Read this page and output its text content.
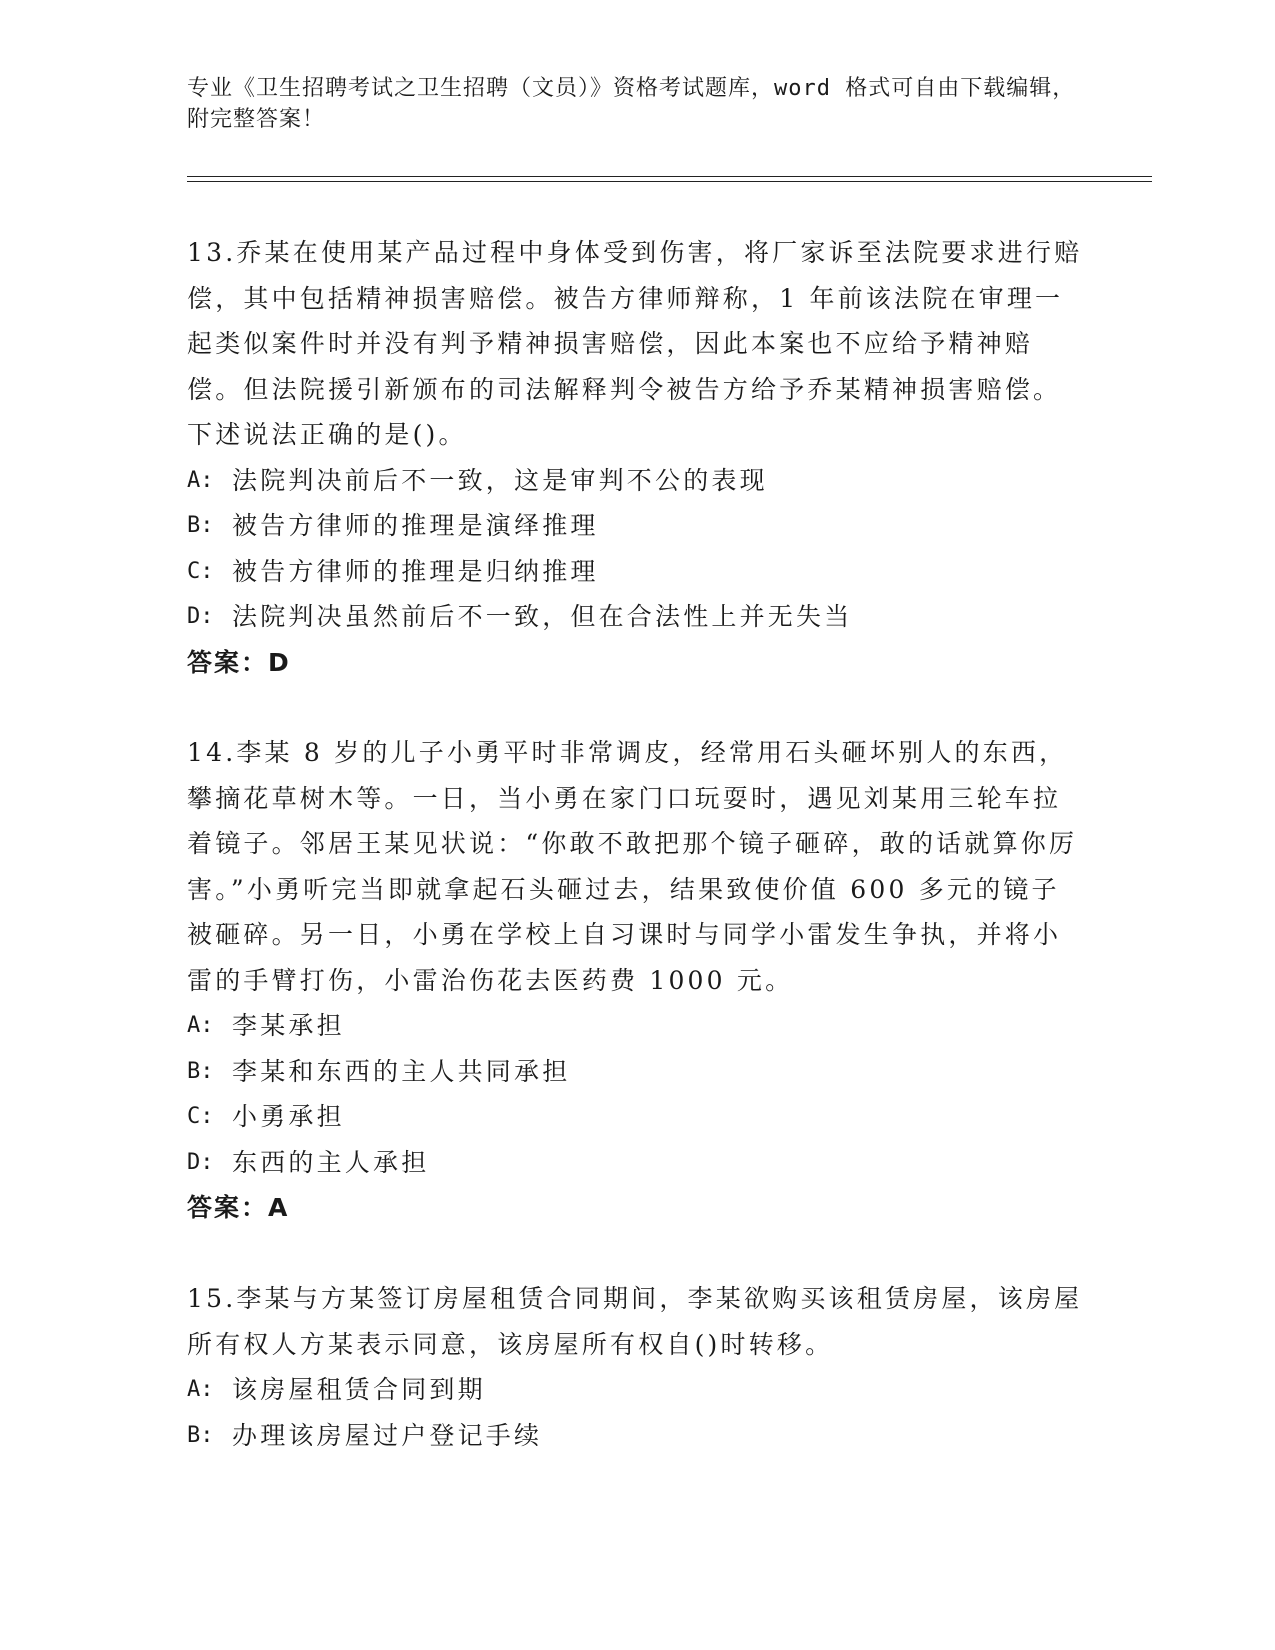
专业《卫生招聘考试之卫生招聘（文员）》资格考试题库，word 格式可自由下载编辑，附完整答案！

13.乔某在使用某产品过程中身体受到伤害，将厂家诉至法院要求进行赔偿，其中包括精神损害赔偿。被告方律师辩称，1 年前该法院在审理一起类似案件时并没有判予精神损害赔偿，因此本案也不应给予精神赔偿。但法院援引新颁布的司法解释判令被告方给予乔某精神损害赔偿。下述说法正确的是()。

A: 法院判决前后不一致，这是审判不公的表现

B: 被告方律师的推理是演绎推理

C: 被告方律师的推理是归纳推理

D: 法院判决虽然前后不一致，但在合法性上并无失当

答案：D

14.李某 8 岁的儿子小勇平时非常调皮，经常用石头砸坏别人的东西，攀摘花草树木等。一日，当小勇在家门口玩耍时，遇见刘某用三轮车拉着镜子。邻居王某见状说：“你敢不敢把那个镜子砸碎，敢的话就算你厉害。”小勇听完当即就拿起石头砸过去，结果致使价值 600 多元的镜子被砸碎。另一日，小勇在学校上自习课时与同学小雷发生争执，并将小雷的手臂打伤，小雷治伤花去医药费 1000 元。

A: 李某承担

B: 李某和东西的主人共同承担

C: 小勇承担

D: 东西的主人承担

答案：A

15.李某与方某签订房屋租赁合同期间，李某欲购买该租赁房屋，该房屋所有权人方某表示同意，该房屋所有权自()时转移。

A: 该房屋租赁合同到期

B: 办理该房屋过户登记手续
